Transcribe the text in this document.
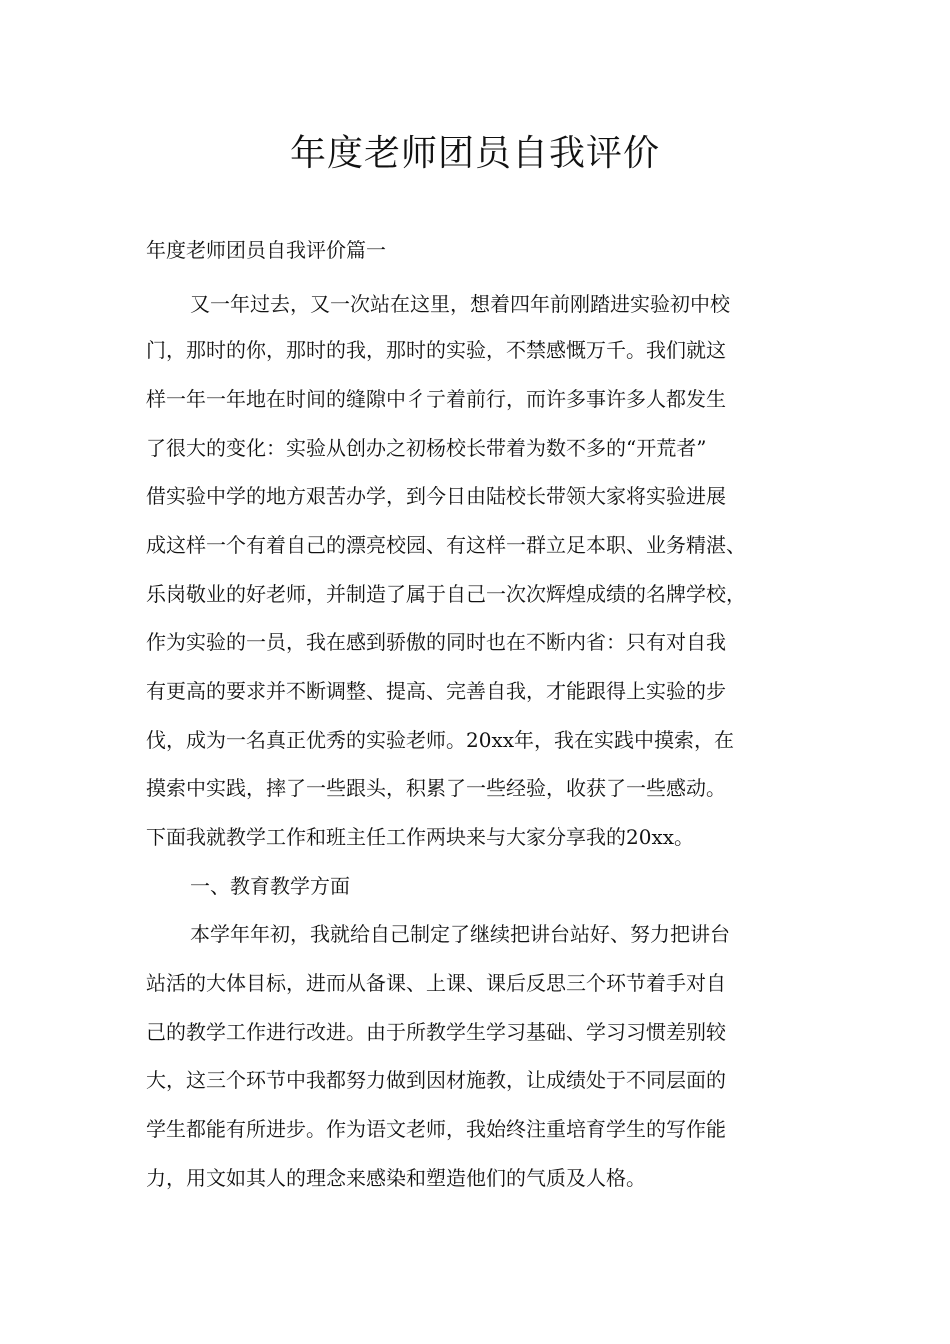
年度老师团员自我评价

年度老师团员自我评价篇一

又一年过去，又一次站在这里，想着四年前刚踏进实验初中校

门，那时的你，那时的我，那时的实验，不禁感慨万千。我们就这

样一年一年地在时间的缝隙中彳亍着前行，而许多事许多人都发生

了很大的变化：实验从创办之初杨校长带着为数不多的“开荒者”

借实验中学的地方艰苦办学，到今日由陆校长带领大家将实验进展

成这样一个有着自己的漂亮校园、有这样一群立足本职、业务精湛、

乐岗敬业的好老师，并制造了属于自己一次次辉煌成绩的名牌学校，

作为实验的一员，我在感到骄傲的同时也在不断内省：只有对自我

有更高的要求并不断调整、提高、完善自我，才能跟得上实验的步

伐，成为一名真正优秀的实验老师。20xx年，我在实践中摸索，在

摸索中实践，摔了一些跟头，积累了一些经验，收获了一些感动。

下面我就教学工作和班主任工作两块来与大家分享我的20xx。

一、教育教学方面

本学年年初，我就给自己制定了继续把讲台站好、努力把讲台

站活的大体目标，进而从备课、上课、课后反思三个环节着手对自

己的教学工作进行改进。由于所教学生学习基础、学习习惯差别较

大，这三个环节中我都努力做到因材施教，让成绩处于不同层面的

学生都能有所进步。作为语文老师，我始终注重培育学生的写作能

力，用文如其人的理念来感染和塑造他们的气质及人格。
